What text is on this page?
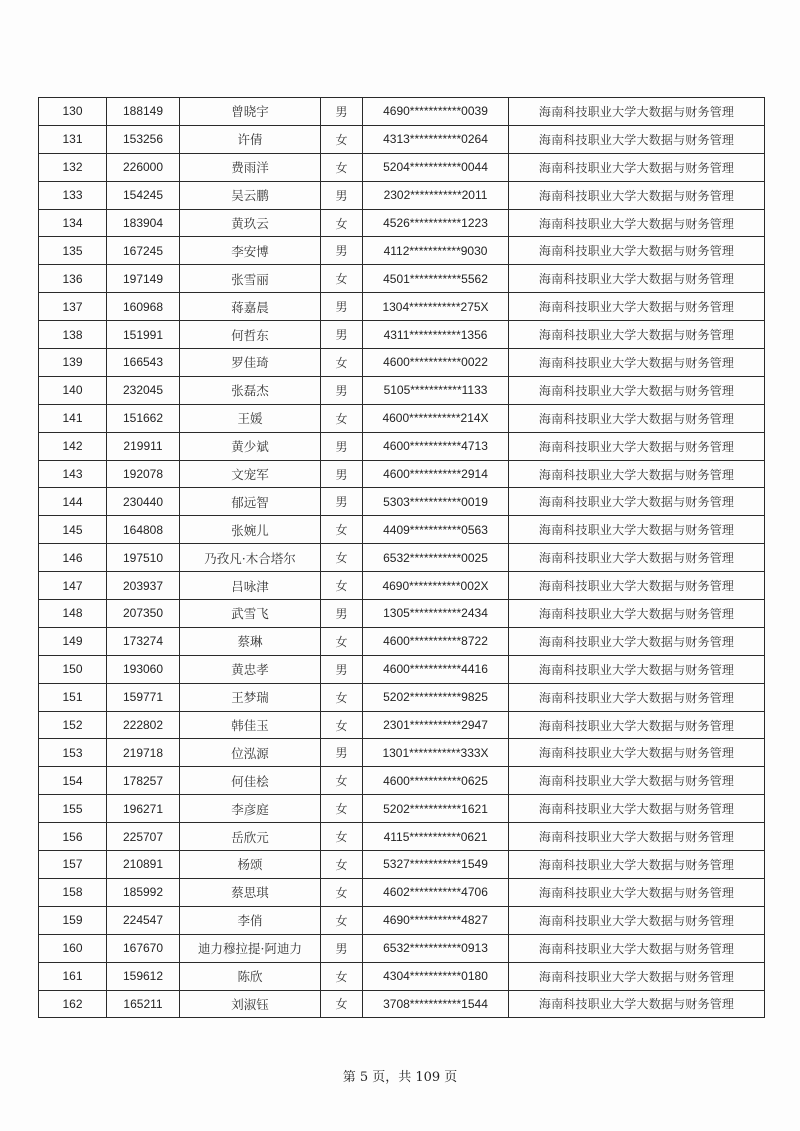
130	188149	曾晓宇	男	4690***********0039	海南科技职业大学大数据与财务管理
131	153256	许倩	女	4313***********0264	海南科技职业大学大数据与财务管理
132	226000	费雨洋	女	5204***********0044	海南科技职业大学大数据与财务管理
133	154245	吴云鹏	男	2302***********2011	海南科技职业大学大数据与财务管理
134	183904	黄玖云	女	4526***********1223	海南科技职业大学大数据与财务管理
135	167245	李安博	男	4112***********9030	海南科技职业大学大数据与财务管理
136	197149	张雪丽	女	4501***********5562	海南科技职业大学大数据与财务管理
137	160968	蒋嘉晨	男	1304***********275X	海南科技职业大学大数据与财务管理
138	151991	何哲东	男	4311***********1356	海南科技职业大学大数据与财务管理
139	166543	罗佳琦	女	4600***********0022	海南科技职业大学大数据与财务管理
140	232045	张磊杰	男	5105***********1133	海南科技职业大学大数据与财务管理
141	151662	王媛	女	4600***********214X	海南科技职业大学大数据与财务管理
142	219911	黄少斌	男	4600***********4713	海南科技职业大学大数据与财务管理
143	192078	文宠军	男	4600***********2914	海南科技职业大学大数据与财务管理
144	230440	郁远智	男	5303***********0019	海南科技职业大学大数据与财务管理
145	164808	张婉儿	女	4409***********0563	海南科技职业大学大数据与财务管理
146	197510	乃孜凡·木合塔尔	女	6532***********0025	海南科技职业大学大数据与财务管理
147	203937	吕咏津	女	4690***********002X	海南科技职业大学大数据与财务管理
148	207350	武雪飞	男	1305***********2434	海南科技职业大学大数据与财务管理
149	173274	蔡琳	女	4600***********8722	海南科技职业大学大数据与财务管理
150	193060	黄忠孝	男	4600***********4416	海南科技职业大学大数据与财务管理
151	159771	王梦瑞	女	5202***********9825	海南科技职业大学大数据与财务管理
152	222802	韩佳玉	女	2301***********2947	海南科技职业大学大数据与财务管理
153	219718	位泓源	男	1301***********333X	海南科技职业大学大数据与财务管理
154	178257	何佳桧	女	4600***********0625	海南科技职业大学大数据与财务管理
155	196271	李彦庭	女	5202***********1621	海南科技职业大学大数据与财务管理
156	225707	岳欣元	女	4115***********0621	海南科技职业大学大数据与财务管理
157	210891	杨颂	女	5327***********1549	海南科技职业大学大数据与财务管理
158	185992	蔡思琪	女	4602***********4706	海南科技职业大学大数据与财务管理
159	224547	李俏	女	4690***********4827	海南科技职业大学大数据与财务管理
160	167670	迪力穆拉提·阿迪力	男	6532***********0913	海南科技职业大学大数据与财务管理
161	159612	陈欣	女	4304***********0180	海南科技职业大学大数据与财务管理
162	165211	刘淑钰	女	3708***********1544	海南科技职业大学大数据与财务管理
第 5 页，共 109 页
